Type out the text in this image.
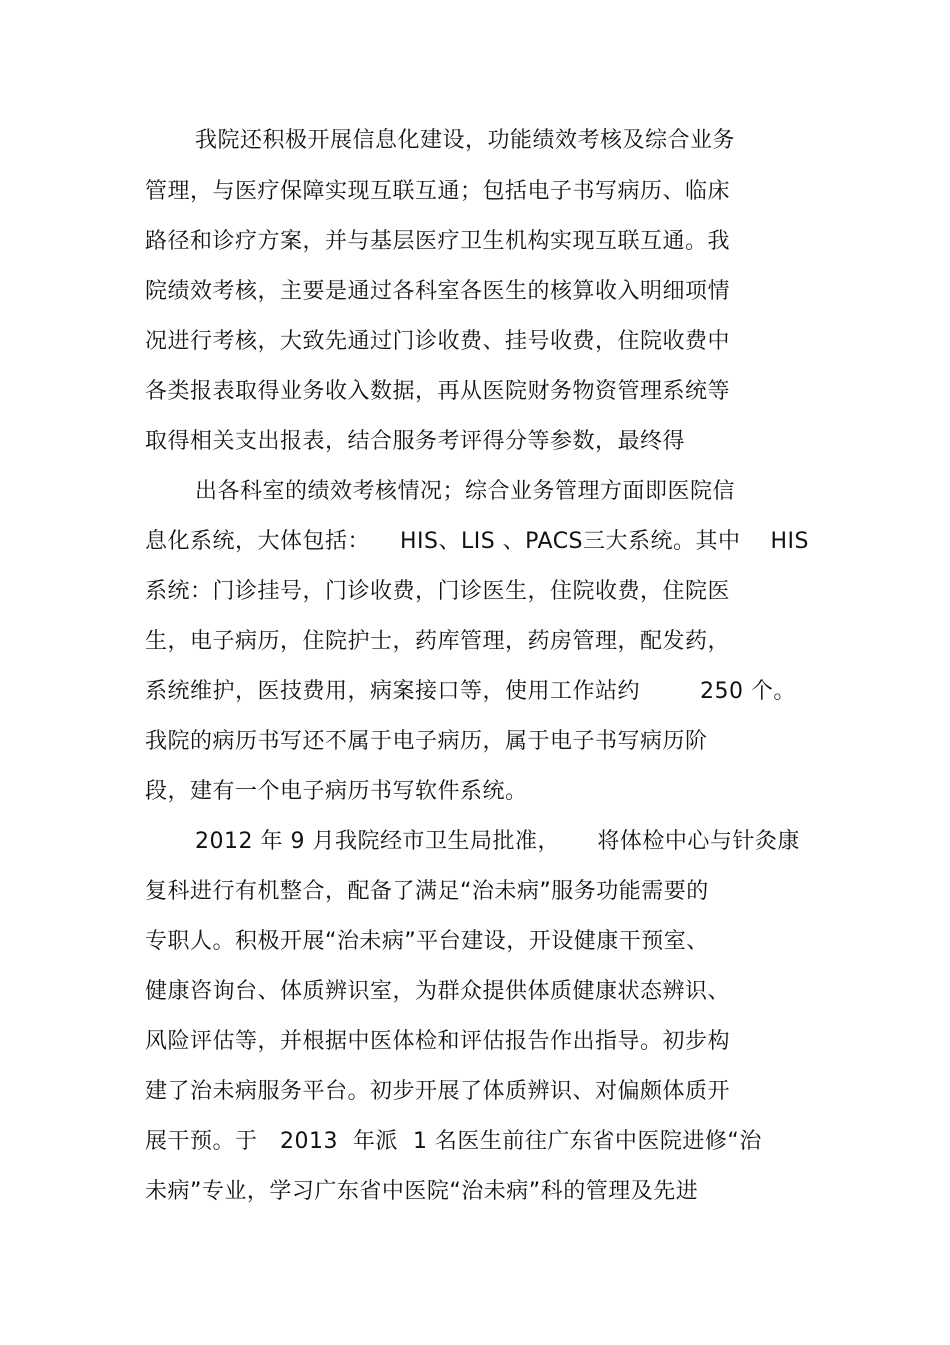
我院还积极开展信息化建设，功能绩效考核及综合业务
管理，与医疗保障实现互联互通；包括电子书写病历、临床
路径和诊疗方案，并与基层医疗卫生机构实现互联互通。我
院绩效考核，主要是通过各科室各医生的核算收入明细项情
况进行考核，大致先通过门诊收费、挂号收费，住院收费中
各类报表取得业务收入数据，再从医院财务物资管理系统等
取得相关支出报表，结合服务考评得分等参数，最终得
出各科室的绩效考核情况；综合业务管理方面即医院信
息化系统，大体包括：    HIS、LIS 、PACS三大系统。其中    HIS
系统：门诊挂号，门诊收费，门诊医生，住院收费，住院医
生，电子病历，住院护士，药库管理，药房管理，配发药，
系统维护，医技费用，病案接口等，使用工作站约        250 个。
我院的病历书写还不属于电子病历，属于电子书写病历阶
段，建有一个电子病历书写软件系统。
2012 年 9 月我院经市卫生局批准，     将体检中心与针灸康
复科进行有机整合，配备了满足“治未病”服务功能需要的
专职人。积极开展“治未病”平台建设，开设健康干预室、
健康咨询台、体质辨识室，为群众提供体质健康状态辨识、
风险评估等，并根据中医体检和评估报告作出指导。初步构
建了治未病服务平台。初步开展了体质辨识、对偏颇体质开
展干预。于   2013  年派  1 名医生前往广东省中医院进修“治
未病”专业，学习广东省中医院“治未病”科的管理及先进
